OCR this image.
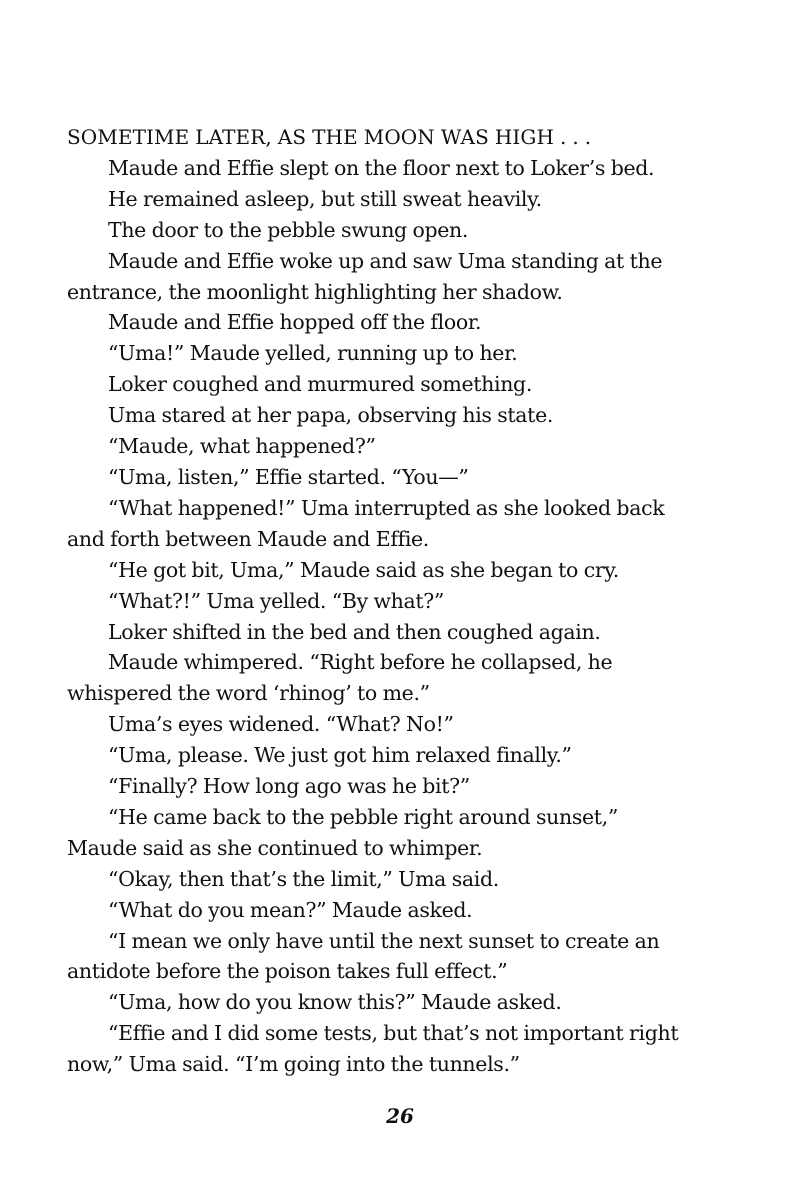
SOMETIME LATER, AS THE MOON WAS HIGH . . .

Maude and Effie slept on the floor next to Loker’s bed.

He remained asleep, but still sweat heavily.

The door to the pebble swung open.

Maude and Effie woke up and saw Uma standing at the entrance, the moonlight highlighting her shadow.

Maude and Effie hopped off the floor.

“Uma!” Maude yelled, running up to her.

Loker coughed and murmured something.

Uma stared at her papa, observing his state.

“Maude, what happened?”

“Uma, listen,” Effie started. “You—”

“What happened!” Uma interrupted as she looked back and forth between Maude and Effie.

“He got bit, Uma,” Maude said as she began to cry.

“What?!” Uma yelled. “By what?”

Loker shifted in the bed and then coughed again.

Maude whimpered. “Right before he collapsed, he whispered the word ‘rhinog’ to me.”

Uma’s eyes widened. “What? No!”

“Uma, please. We just got him relaxed finally.”

“Finally? How long ago was he bit?”

“He came back to the pebble right around sunset,” Maude said as she continued to whimper.

“Okay, then that’s the limit,” Uma said.

“What do you mean?” Maude asked.

“I mean we only have until the next sunset to create an antidote before the poison takes full effect.”

“Uma, how do you know this?” Maude asked.

“Effie and I did some tests, but that’s not important right now,” Uma said. “I’m going into the tunnels.”

26
